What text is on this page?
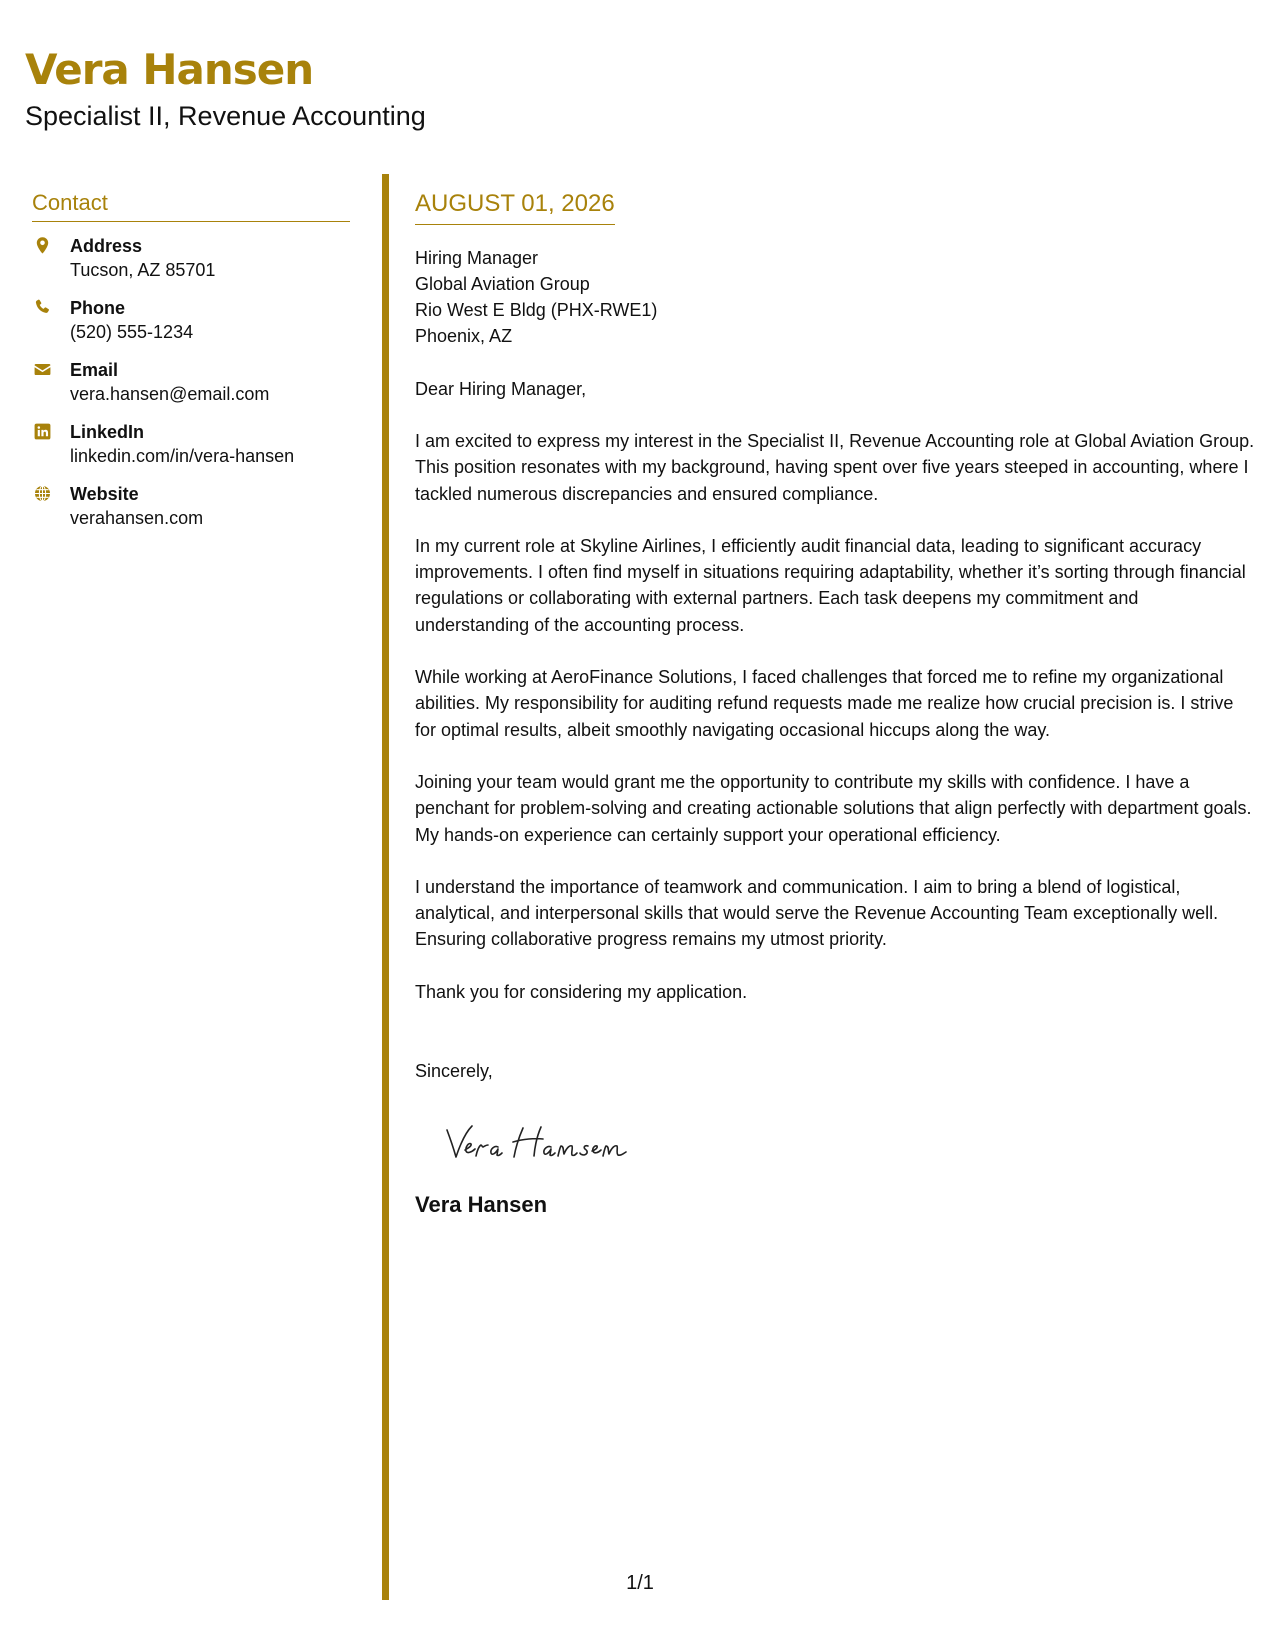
Vera Hansen
Specialist II, Revenue Accounting
Contact
Address
Tucson, AZ 85701
Phone
(520) 555-1234
Email
vera.hansen@email.com
LinkedIn
linkedin.com/in/vera-hansen
Website
verahansen.com
AUGUST 01, 2026
Hiring Manager
Global Aviation Group
Rio West E Bldg (PHX-RWE1)
Phoenix, AZ
Dear Hiring Manager,

I am excited to express my interest in the Specialist II, Revenue Accounting role at Global Aviation Group. This position resonates with my background, having spent over five years steeped in accounting, where I tackled numerous discrepancies and ensured compliance.

In my current role at Skyline Airlines, I efficiently audit financial data, leading to significant accuracy improvements. I often find myself in situations requiring adaptability, whether it’s sorting through financial regulations or collaborating with external partners. Each task deepens my commitment and understanding of the accounting process.

While working at AeroFinance Solutions, I faced challenges that forced me to refine my organizational abilities. My responsibility for auditing refund requests made me realize how crucial precision is. I strive for optimal results, albeit smoothly navigating occasional hiccups along the way.

Joining your team would grant me the opportunity to contribute my skills with confidence. I have a penchant for problem-solving and creating actionable solutions that align perfectly with department goals. My hands-on experience can certainly support your operational efficiency.

I understand the importance of teamwork and communication. I aim to bring a blend of logistical, analytical, and interpersonal skills that would serve the Revenue Accounting Team exceptionally well. Ensuring collaborative progress remains my utmost priority.

Thank you for considering my application.

Sincerely,
Vera Hansen
1/1
